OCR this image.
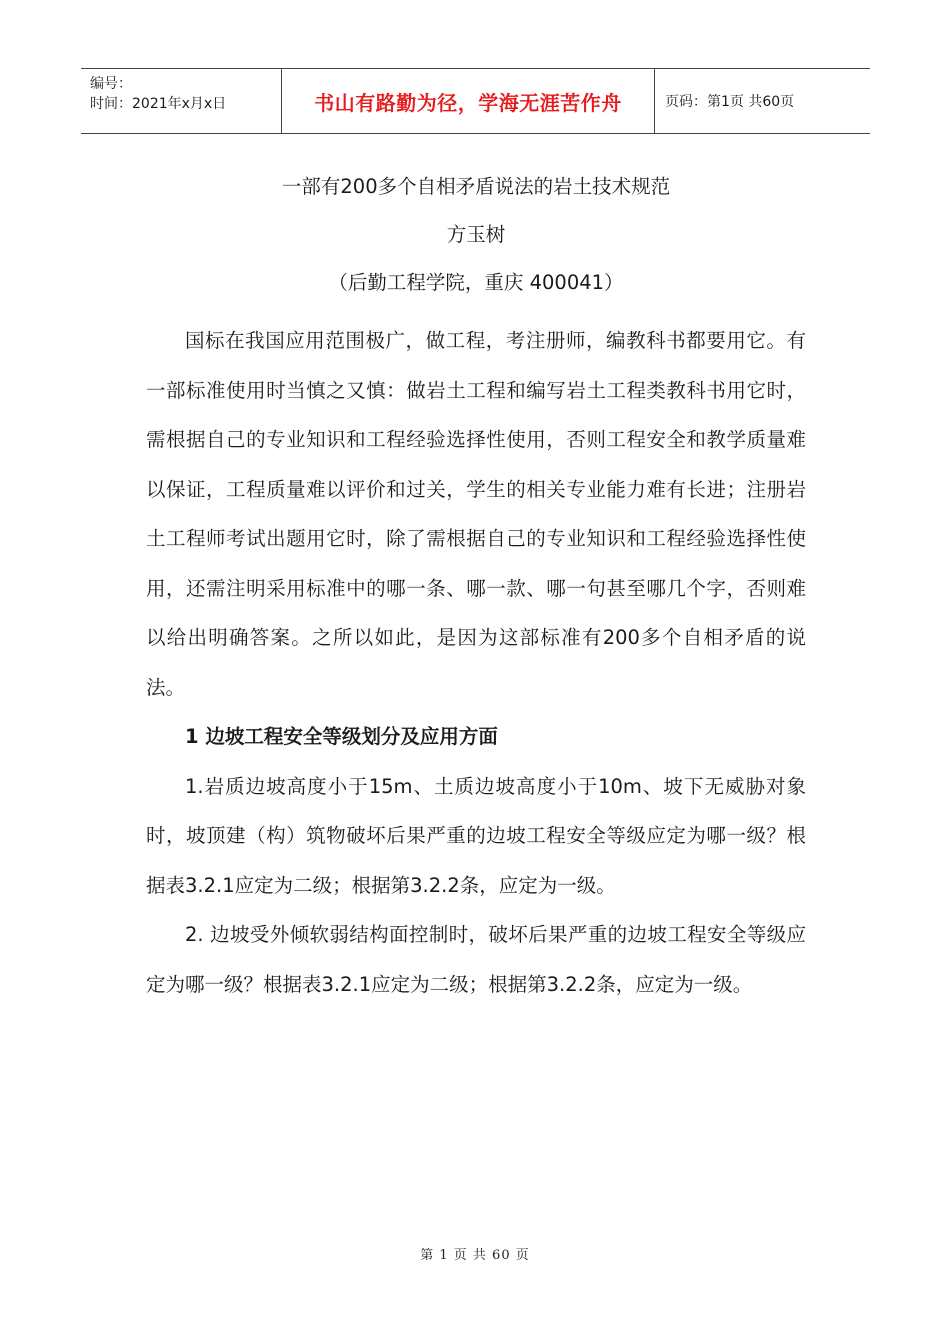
编号：
时间：2021年x月x日	书山有路勤为径，学海无涯苦作舟	页码：第1页 共60页
一部有200多个自相矛盾说法的岩土技术规范
方玉树
（后勤工程学院，重庆 400041）

国标在我国应用范围极广，做工程，考注册师，编教科书都要用它。有一部标准使用时当慎之又慎：做岩土工程和编写岩土工程类教科书用它时，需根据自己的专业知识和工程经验选择性使用，否则工程安全和教学质量难以保证，工程质量难以评价和过关，学生的相关专业能力难有长进；注册岩土工程师考试出题用它时，除了需根据自己的专业知识和工程经验选择性使用，还需注明采用标准中的哪一条、哪一款、哪一句甚至哪几个字，否则难以给出明确答案。之所以如此，是因为这部标准有200多个自相矛盾的说法。

1 边坡工程安全等级划分及应用方面

1.岩质边坡高度小于15m、土质边坡高度小于10m、坡下无威胁对象时，坡顶建（构）筑物破坏后果严重的边坡工程安全等级应定为哪一级？根据表3.2.1应定为二级；根据第3.2.2条，应定为一级。

2. 边坡受外倾软弱结构面控制时，破坏后果严重的边坡工程安全等级应定为哪一级？根据表3.2.1应定为二级；根据第3.2.2条，应定为一级。

第 1 页 共 60 页
